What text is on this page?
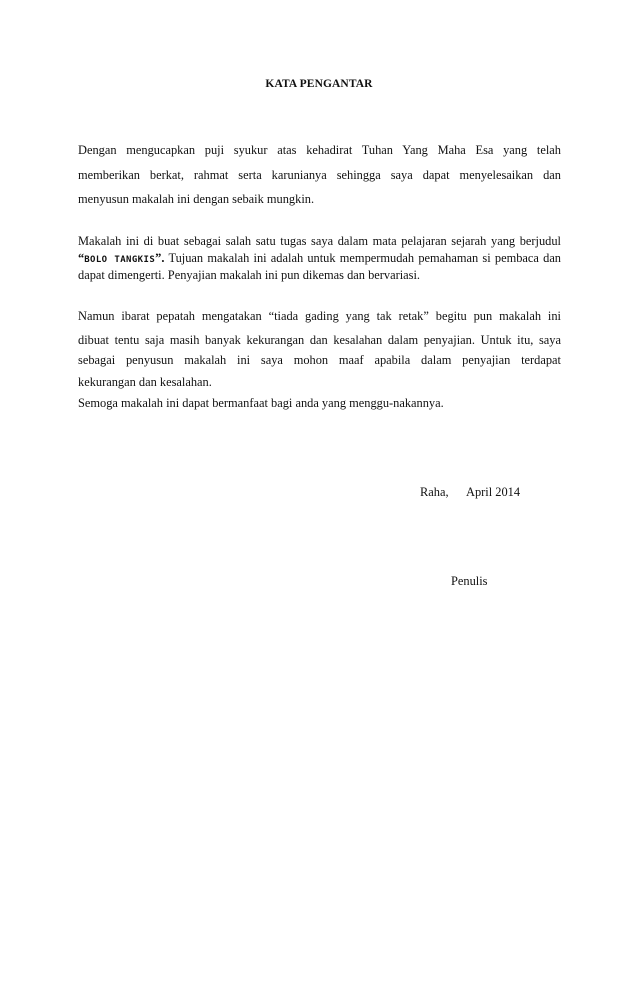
KATA PENGANTAR
Dengan mengucapkan puji syukur atas kehadirat Tuhan Yang Maha Esa yang telah
memberikan berkat, rahmat serta karunianya sehingga saya dapat menyelesaikan dan
menyusun makalah ini dengan sebaik mungkin.
Makalah ini di buat sebagai salah satu tugas saya dalam mata pelajaran sejarah yang berjudul
“BOLO TANGKIS”. Tujuan makalah ini adalah untuk mempermudah pemahaman si pembaca dan
dapat dimengerti. Penyajian makalah ini pun dikemas dan bervariasi.
Namun ibarat pepatah mengatakan “tiada gading yang tak retak” begitu pun makalah ini
dibuat tentu saja masih banyak kekurangan dan kesalahan dalam penyajian. Untuk itu, saya
sebagai penyusun makalah ini saya mohon maaf apabila dalam penyajian terdapat
kekurangan dan kesalahan.
Semoga makalah ini dapat bermanfaat bagi anda yang menggu-nakannya.
Raha, April 2014
Penulis
